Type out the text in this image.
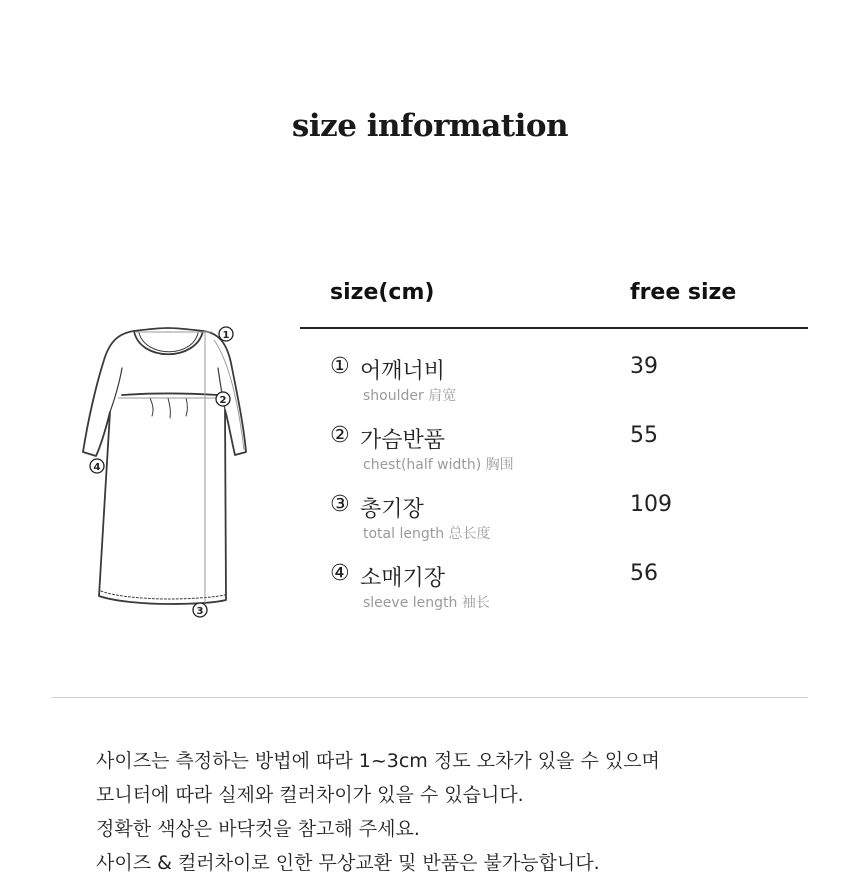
size information
1
2
3
4
size(cm)	free size
① 어깨너비
shoulder 肩宽
39
② 가슴반품
chest(half width) 胸围
55
③ 총기장
total length 总长度
109
④ 소매기장
sleeve length 袖长
56
사이즈는 측정하는 방법에 따라 1~3cm 정도 오차가 있을 수 있으며
모니터에 따라 실제와 컬러차이가 있을 수 있습니다.
정확한 색상은 바닥컷을 참고해 주세요.
사이즈 & 컬러차이로 인한 무상교환 및 반품은 불가능합니다.
